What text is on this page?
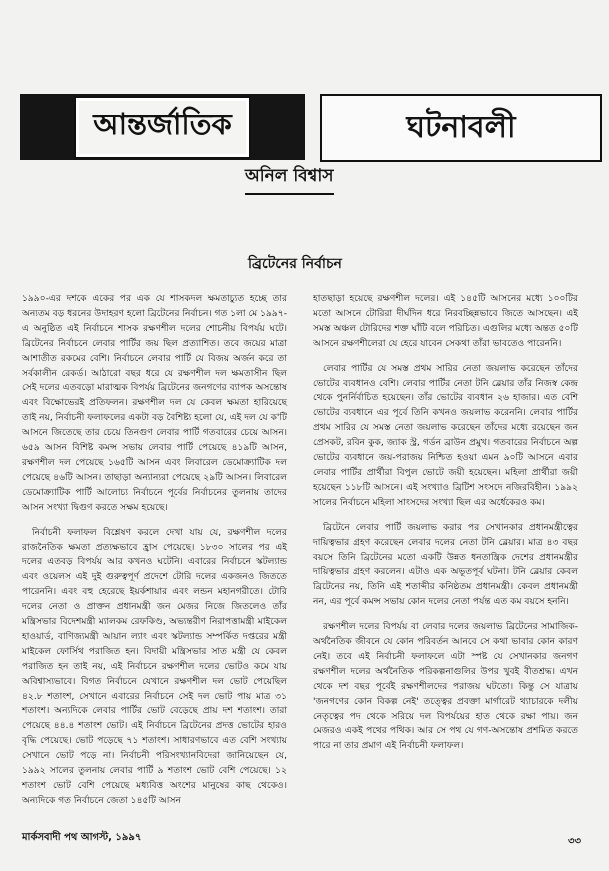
আন্তর্জাতিক	ঘটনাবলী
অনিল বিশ্বাস
ব্রিটেনের নির্বাচন

১৯৯০-এর দশকে একের পর এক যে শাসকদল ক্ষমতাচ্যুত হচ্ছে তার অন্যতম বড় ধরনের উদাহরণ হলো ব্রিটেনের নির্বাচন। গত ১লা মে ১৯৯৭-এ অনুষ্ঠিত এই নির্বাচনে শাসক রক্ষণশীল দলের শোচনীয় বিপর্যয় ঘটে। ব্রিটেনের নির্বাচনে লেবার পার্টির জয় ছিল প্রত্যাশিত। তবে জয়ের মাত্রা আশাতীত রকমের বেশি। নির্বাচনে লেবার পার্টি যে বিজয় অর্জন করে তা সর্বকালীন রেকর্ড। আঠারো বছর ধরে যে রক্ষণশীল দল ক্ষমতাসীন ছিল সেই দলের এতবড়ো মারাত্মক বিপর্যয় ব্রিটেনের জনগণের ব্যাপক অসন্তোষ এবং বিক্ষোভেরই প্রতিফলন। রক্ষণশীল দল যে কেবল ক্ষমতা হারিয়েছে তাই নয়, নির্বাচনী ফলাফলের একটা বড় বৈশিষ্ট্য হলো যে, এই দল যে ক'টি আসনে জিতেছে তার চেয়ে তিনগুণ লেবার পার্টি গতবারের চেয়ে আসন। ৬৫৯ আসন বিশিষ্ট কমন্স সভায় লেবার পার্টি পেয়েছে ৪১৯টি আসন, রক্ষণশীল দল পেয়েছে ১৬৫টি আসন এবং লিবারেল ডেমোক্র্যাটিক দল পেয়েছে ৪৬টি আসন। তাছাড়া অন্যান্যরা পেয়েছে ২৯টি আসন। লিবারেল ডেমোক্র্যাটিক পার্টি আলোচ্য নির্বাচনে পূর্বের নির্বাচনের তুলনায় তাদের আসন সংখ্যা দ্বিগুণ করতে সক্ষম হয়েছে।

নির্বাচনী ফলাফল বিশ্লেষণ করলে দেখা যায় যে, রক্ষণশীল দলের রাজনৈতিক ক্ষমতা প্রত্যক্ষভাবে হ্রাস পেয়েছে। ১৮৩০ সালের পর এই দলের এতবড় বিপর্যয় আর কখনও ঘটেনি। এবারের নির্বাচনে স্কটল্যান্ড এবং ওয়েলস এই দুই গুরুত্বপূর্ণ প্রদেশে টোরি দলের একজনও জিততে পারেননি। এবং বহু হেরেছে ইয়র্কশায়ার এবং লন্ডন মহানগরীতে। টোরি দলের নেতা ও প্রাক্তন প্রধানমন্ত্রী জন মেজর নিজে জিতলেও তাঁর মন্ত্রিসভার বিদেশমন্ত্রী ম্যালকম রেফকিণ্ড, অভ্যন্তরীণ নিরাপত্তামন্ত্রী মাইকেল হাওয়ার্ড, বাণিজ্যমন্ত্রী আয়ান ল্যাং এবং স্কটল্যান্ড সম্পর্কিত দপ্তরের মন্ত্রী মাইকেল ফোর্সিথ পরাজিত হন। বিদায়ী মন্ত্রিসভার সাত মন্ত্রী যে কেবল পরাজিত হন তাই নয়, এই নির্বাচনে রক্ষণশীল দলের ভোটও কমে যায় অবিশ্বাস্যভাবে। বিগত নির্বাচনে যেখানে রক্ষণশীল দল ভোট পেয়েছিল ৪২.৮ শতাংশ, সেখানে এবারের নির্বাচনে সেই দল ভোট পায় মাত্র ৩১ শতাংশ। অন্যদিকে লেবার পার্টির ভোট বেড়েছে প্রায় দশ শতাংশ। তারা পেয়েছে ৪৪.৪ শতাংশ ভোট। এই নির্বাচনে ব্রিটেনের প্রদত্ত ভোটের হারও বৃদ্ধি পেয়েছে। ভোট পড়েছে ৭১ শতাংশ। সাধারণভাবে এত বেশি সংখ্যায় সেখানে ভোট পড়ে না। নির্বাচনী পরিসংখ্যানবিদেরা জানিয়েছেন যে, ১৯৯২ সালের তুলনায় লেবার পার্টি ৯ শতাংশ ভোট বেশি পেয়েছে। ১২ শতাংশ ভোট বেশি পেয়েছে মধ্যবিত্ত অংশের মানুষের কাছ থেকেও। অন্যদিকে গত নির্বাচনে জেতা ১৪৫টি আসন

হাতছাড়া হয়েছে রক্ষণশীল দলের। এই ১৪৫টি আসনের মধ্যে ১০০টির মতো আসনে টোরিরা দীর্ঘদিন ধরে নিরবচ্ছিন্নভাবে জিতে আসছেন। এই সমস্ত অঞ্চল টোরিদের শক্ত ঘাঁটি বলে পরিচিত। এগুলির মধ্যে অন্তত ৫০টি আসনে রক্ষণশীলেরা যে হেরে যাবেন সেকথা তাঁরা ভাবতেও পারেননি।

লেবার পার্টির যে সমস্ত প্রথম সারির নেতা জয়লাভ করেছেন তাঁদের ভোটের ব্যবধানও বেশি। লেবার পার্টির নেতা টনি ব্লেয়ার তাঁর নিজস্ব কেন্দ্র থেকে পুনর্নির্বাচিত হয়েছেন। তাঁর ভোটের ব্যবধান ২৬ হাজার। এত বেশি ভোটের ব্যবধানে এর পূর্বে তিনি কখনও জয়লাভ করেননি। লেবার পার্টির প্রথম সারির যে সমস্ত নেতা জয়লাভ করেছেন তাঁদের মধ্যে রয়েছেন জন প্রেসকট, রবিন কুক, জ্যাক স্ট্র, গর্ডন ব্রাউন প্রমুখ। গতবারের নির্বাচনে অল্প ভোটের ব্যবধানে জয়-পরাজয় নিশ্চিত হওয়া এমন ৯০টি আসনে এবার লেবার পার্টির প্রার্থীরা বিপুল ভোটে জয়ী হয়েছেন। মহিলা প্রার্থীরা জয়ী হয়েছেন ১১৮টি আসনে। এই সংখ্যাও ব্রিটিশ সংসদে নজিরবিহীন। ১৯৯২ সালের নির্বাচনে মহিলা সাংসদের সংখ্যা ছিল এর অর্ধেকেরও কম।

ব্রিটেনে লেবার পার্টি জয়লাভ করার পর সেখানকার প্রধানমন্ত্রীত্বের দায়িত্বভার গ্রহণ করেছেন লেবার দলের নেতা টনি ব্লেয়ার। মাত্র ৪৩ বছর বয়সে তিনি ব্রিটেনের মতো একটি উন্নত ধনতান্ত্রিক দেশের প্রধানমন্ত্রীর দায়িত্বভার গ্রহণ করলেন। এটাও এক অভূতপূর্ব ঘটনা। টনি ব্লেয়ার কেবল ব্রিটেনের নয়, তিনি এই শতাব্দীর কনিষ্ঠতম প্রধানমন্ত্রী। কেবল প্রধানমন্ত্রী নন, এর পূর্বে কমন্স সভায় কোন দলের নেতা পর্যন্ত এত কম বয়সে হননি।

রক্ষণশীল দলের বিপর্যয় বা লেবার দলের জয়লাভ ব্রিটেনের সামাজিক-অর্থনৈতিক জীবনে যে কোন পরিবর্তন আনবে সে কথা ভাবার কোন কারণ নেই। তবে এই নির্বাচনী ফলাফলে এটা স্পষ্ট যে সেখানকার জনগণ রক্ষণশীল দলের অর্থনৈতিক পরিকল্পনাগুলির উপর খুবই বীতশ্রদ্ধ। এখন থেকে দশ বছর পূর্বেই রক্ষণশীলদের পরাজয় ঘটতো। কিন্তু সে যাত্রায় 'জনগণের কোন বিকল্প নেই' তত্ত্বের প্রবক্তা মার্গারেট থ্যাচারকে দলীয় নেতৃত্বের পদ থেকে সরিয়ে দল বিপর্যয়ের হাত থেকে রক্ষা পায়। জন মেজরও একই পথের পথিক। আর সে পথ যে গণ-অসন্তোষ প্রশমিত করতে পারে না তার প্রমাণ এই নির্বাচনী ফলাফল।

মার্কসবাদী পথ আগস্ট, ১৯৯৭	৩৩
